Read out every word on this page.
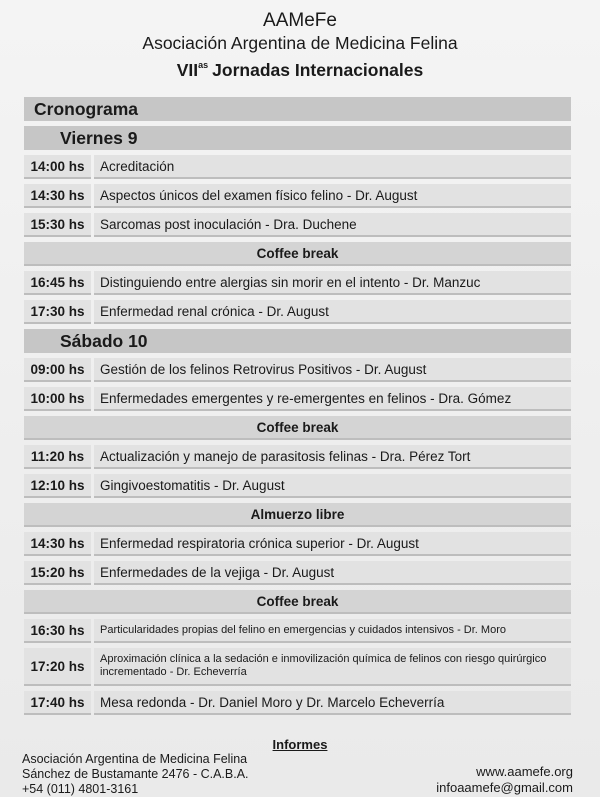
AAMeFe
Asociación Argentina de Medicina Felina
$VII^{as}$ Jornadas Internacionales
Cronograma
Viernes 9
14:00 hs	Acreditación
14:30 hs	Aspectos únicos del examen físico felino - Dr. August
15:30 hs	Sarcomas post inoculación - Dra. Duchene
Coffee break
16:45 hs	Distinguiendo entre alergias sin morir en el intento - Dr. Manzuc
17:30 hs	Enfermedad renal crónica - Dr. August
Sábado 10
09:00 hs	Gestión de los felinos Retrovirus Positivos - Dr. August
10:00 hs	Enfermedades emergentes y re-emergentes en felinos - Dra. Gómez
Coffee break
11:20 hs	Actualización y manejo de parasitosis felinas - Dra. Pérez Tort
12:10 hs	Gingivoestomatitis - Dr. August
Almuerzo libre
14:30 hs	Enfermedad respiratoria crónica superior - Dr. August
15:20 hs	Enfermedades de la vejiga - Dr. August
Coffee break
16:30 hs	Particularidades propias del felino en emergencias y cuidados intensivos - Dr. Moro
17:20 hs	Aproximación clínica a la sedación e inmovilización química de felinos con riesgo quirúrgico incrementado - Dr. Echeverría
17:40 hs	Mesa redonda - Dr. Daniel Moro y Dr. Marcelo Echeverría
Informes
Asociación Argentina de Medicina Felina
Sánchez de Bustamante 2476 - C.A.B.A.
+54 (011) 4801-3161
www.aamefe.org
infoaamefe@gmail.com
